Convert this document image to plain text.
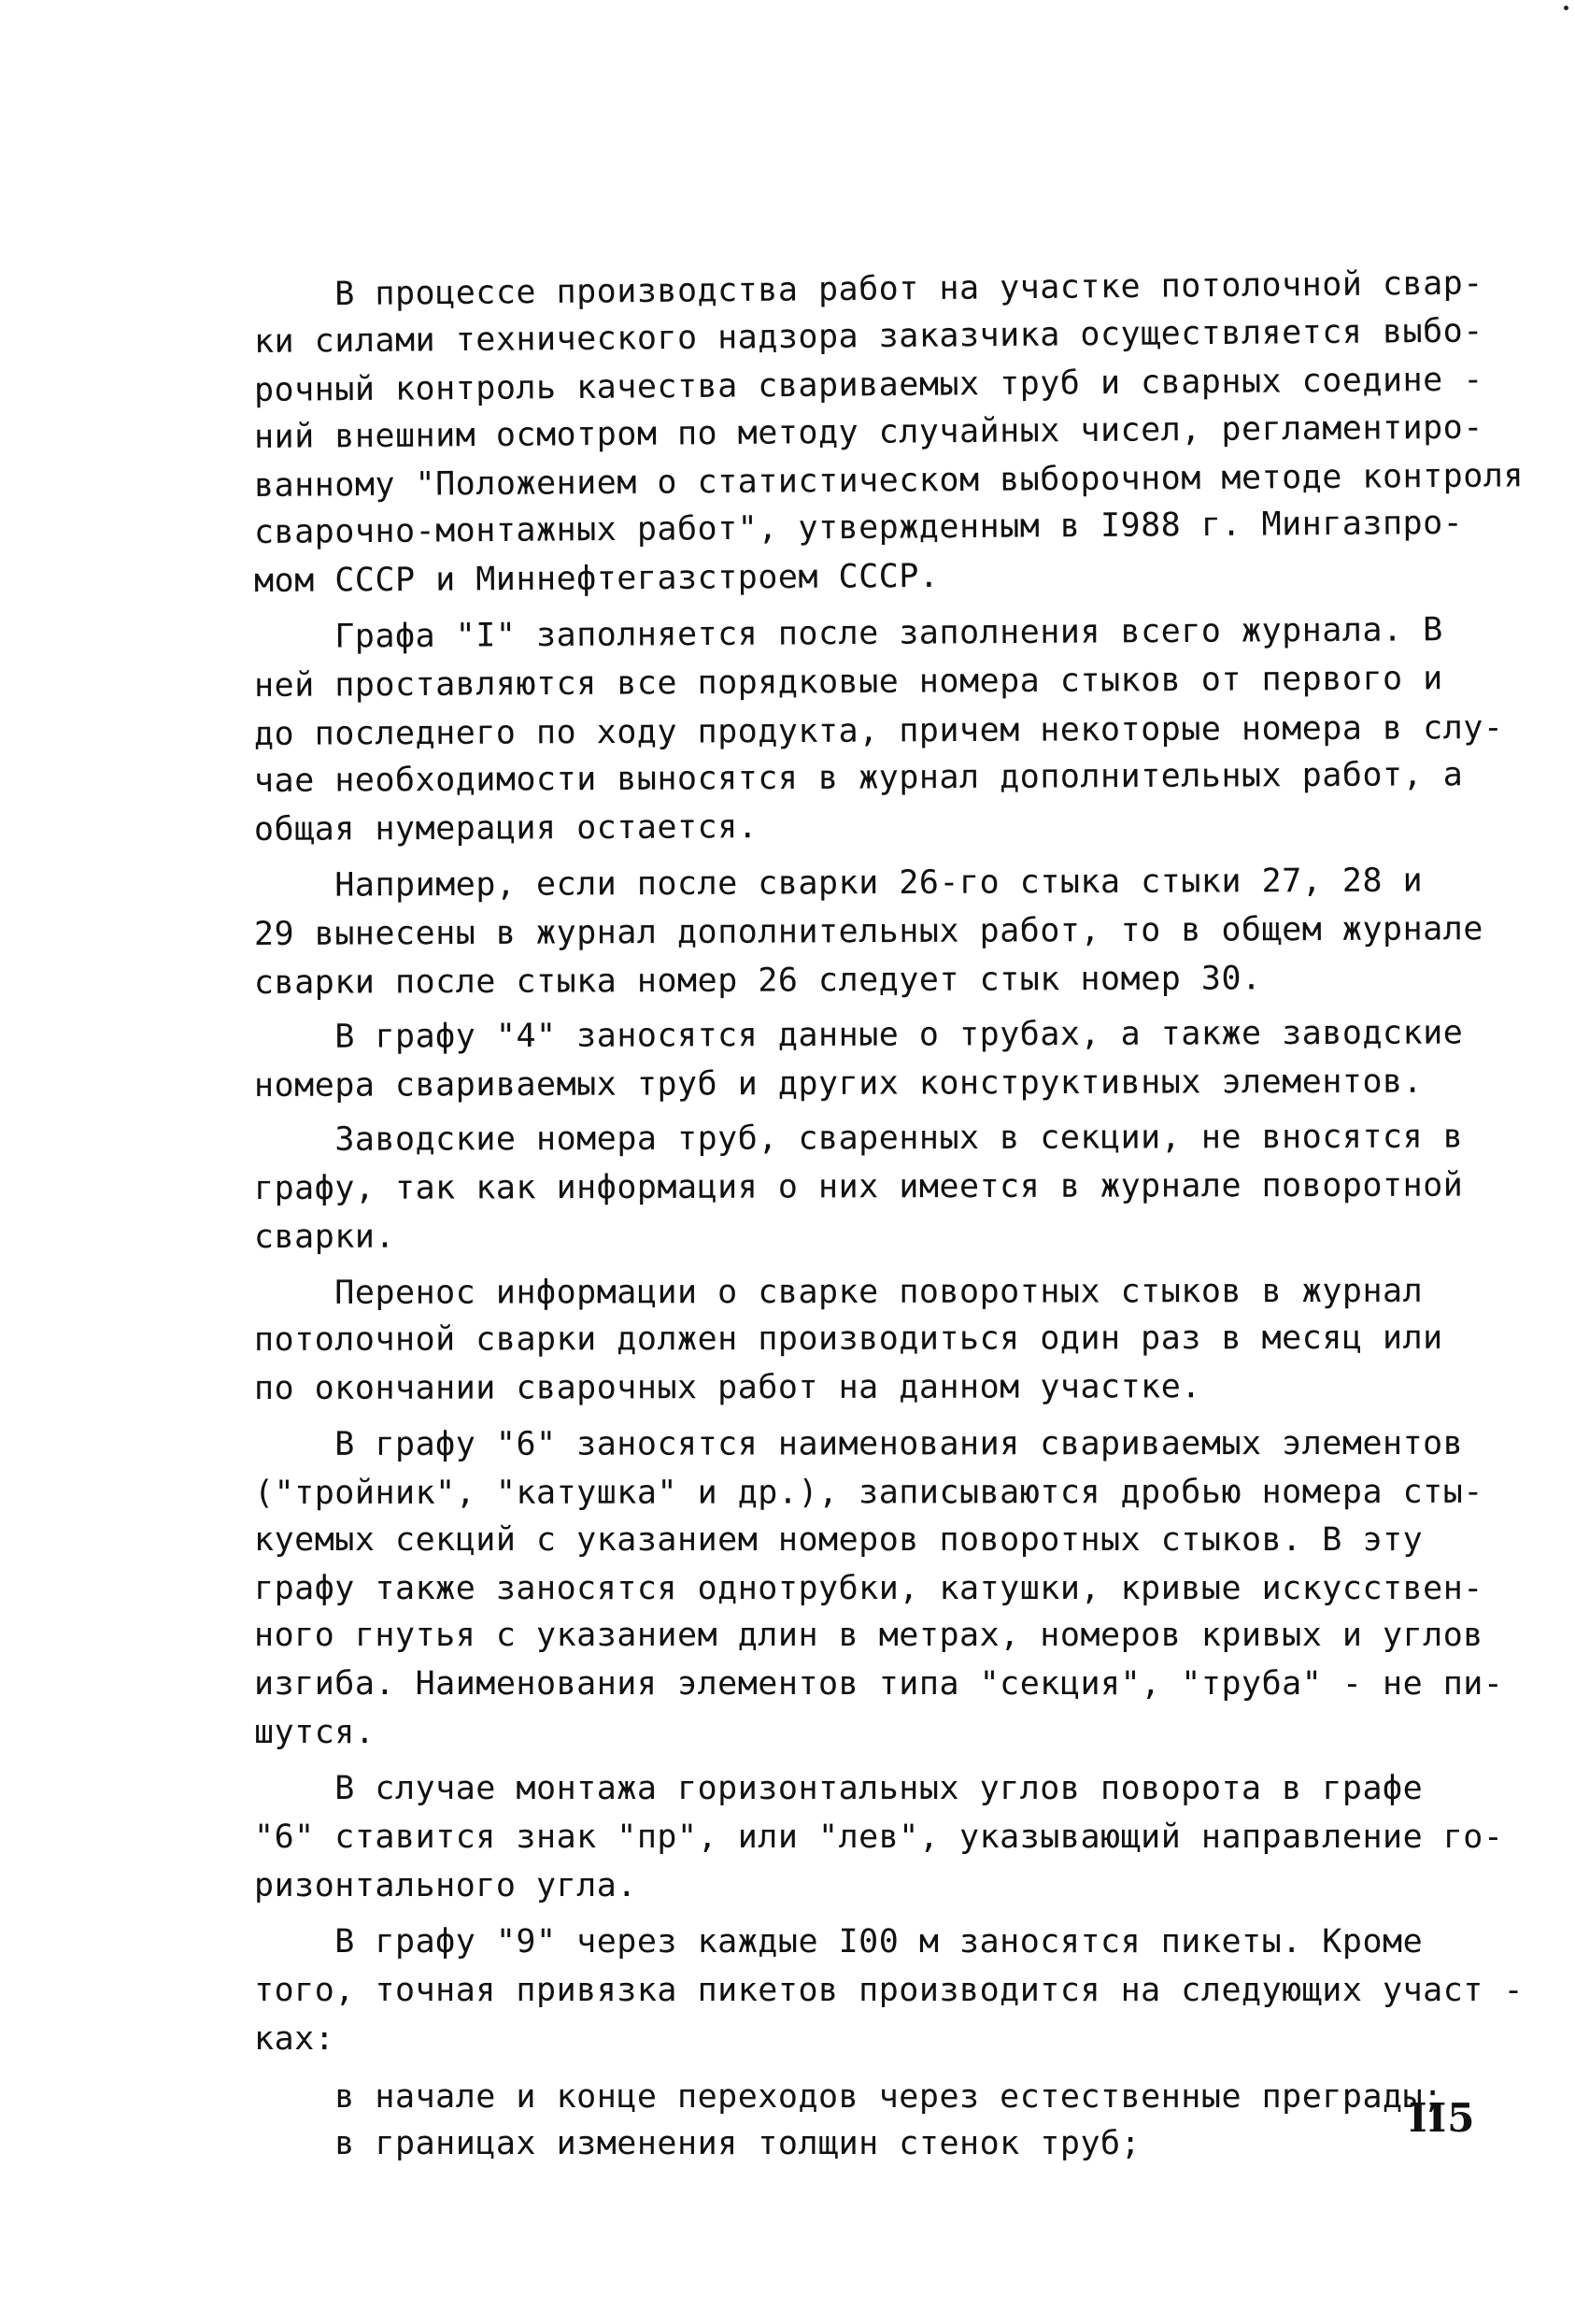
В процессе производства работ на участке потолочной свар-
ки силами технического надзора заказчика осуществляется выбо-
рочный контроль качества свариваемых труб и сварных соедине -
ний внешним осмотром по методу случайных чисел, регламентиро-
ванному "Положением о статистическом выборочном методе контроля
сварочно-монтажных работ", утвержденным в I988 г. Мингазпро-
мом СССР и Миннефтегазстроем СССР.
Графа "I" заполняется после заполнения всего журнала. В
ней проставляются все порядковые номера стыков от первого и
до последнего по ходу продукта, причем некоторые номера в слу-
чае необходимости выносятся в журнал дополнительных работ, а
общая нумерация остается.
Например, если после сварки 26-го стыка стыки 27, 28 и
29 вынесены в журнал дополнительных работ, то в общем журнале
сварки после стыка номер 26 следует стык номер 30.
В графу "4" заносятся данные о трубах, а также заводские
номера свариваемых труб и других конструктивных элементов.
Заводские номера труб, сваренных в секции, не вносятся в
графу, так как информация о них имеется в журнале поворотной
сварки.
Перенос информации о сварке поворотных стыков в журнал
потолочной сварки должен производиться один раз в месяц или
по окончании сварочных работ на данном участке.
В графу "6" заносятся наименования свариваемых элементов
("тройник", "катушка" и др.), записываются дробью номера сты-
куемых секций с указанием номеров поворотных стыков. В эту
графу также заносятся однотрубки, катушки, кривые искусствен-
ного гнутья с указанием длин в метрах, номеров кривых и углов
изгиба. Наименования элементов типа "секция", "труба" - не пи-
шутся.
В случае монтажа горизонтальных углов поворота в графе
"6" ставится знак "пр", или "лев", указывающий направление го-
ризонтального угла.
В графу "9" через каждые I00 м заносятся пикеты. Кроме
того, точная привязка пикетов производится на следующих участ -
ках:
в начале и конце переходов через естественные преграды;
в границах изменения толщин стенок труб;
II5
